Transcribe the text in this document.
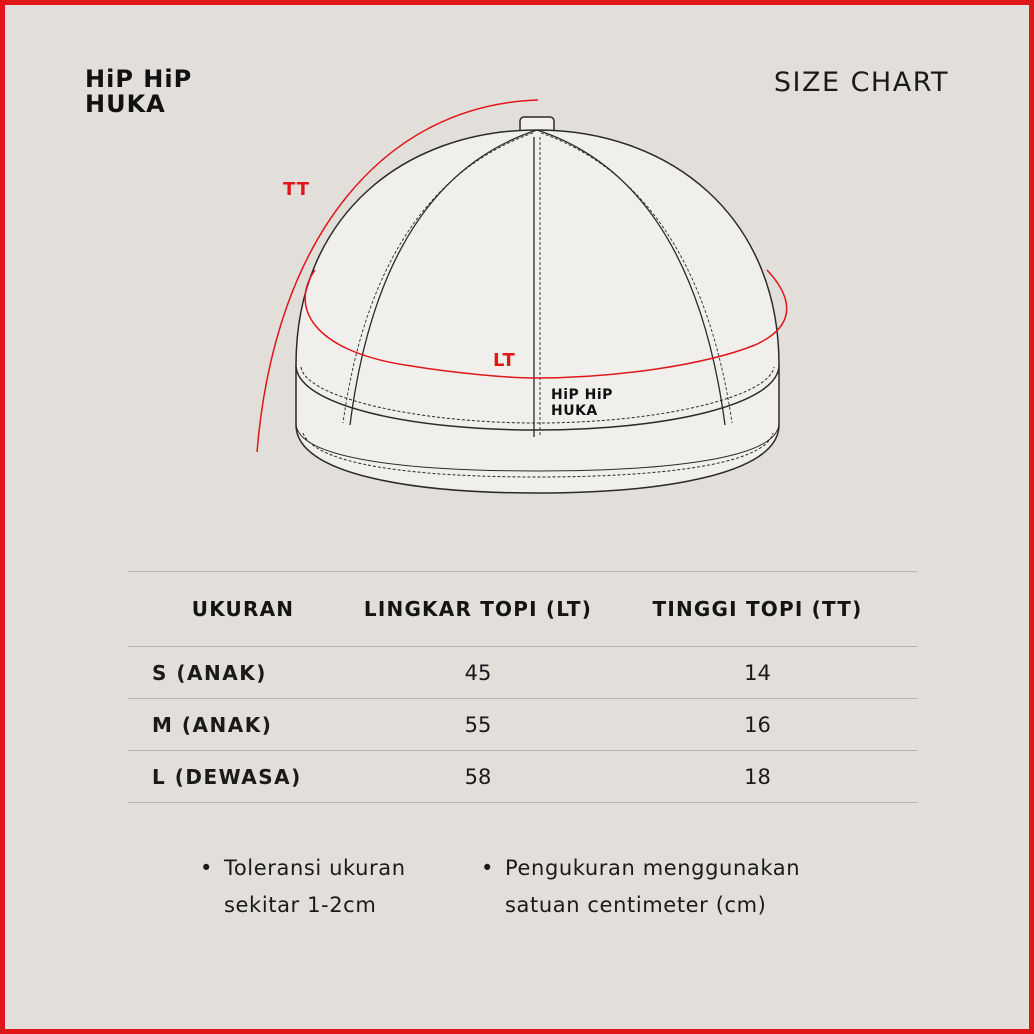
HiP HiP
HUKA
SIZE CHART
TT
LT
HiP HiP
HUKA
UKURAN	LINGKAR TOPI (LT)	TINGGI TOPI (TT)
S (ANAK)	45	14
M (ANAK)	55	16
L (DEWASA)	58	18
• Toleransi ukuran
sekitar 1-2cm
• Pengukuran menggunakan
satuan centimeter (cm)
